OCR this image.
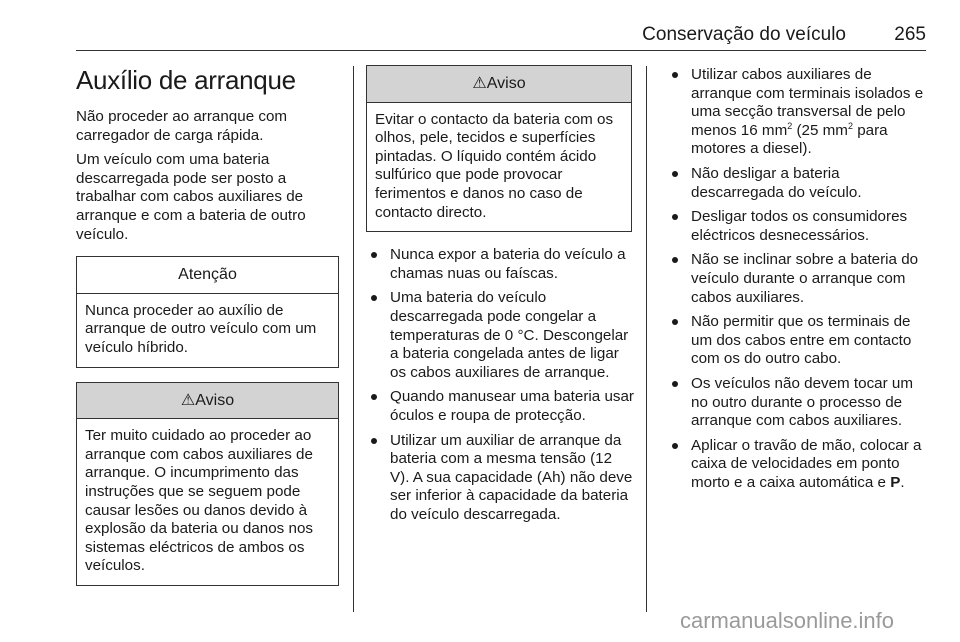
Conservação do veículo	265
Auxílio de arranque

Não proceder ao arranque com carregador de carga rápida.

Um veículo com uma bateria descarregada pode ser posto a trabalhar com cabos auxiliares de arranque e com a bateria de outro veículo.

Atenção
Nunca proceder ao auxílio de arranque de outro veículo com um veículo híbrido.
⚠Aviso
Ter muito cuidado ao proceder ao arranque com cabos auxiliares de arranque. O incumprimento das instruções que se seguem pode causar lesões ou danos devido à explosão da bateria ou danos nos sistemas eléctricos de ambos os veículos.
⚠Aviso
Evitar o contacto da bateria com os olhos, pele, tecidos e superfícies pintadas. O líquido contém ácido sulfúrico que pode provocar ferimentos e danos no caso de contacto directo.
Nunca expor a bateria do veículo a chamas nuas ou faíscas.
Uma bateria do veículo descarregada pode congelar a temperaturas de 0 °C. Descongelar a bateria congelada antes de ligar os cabos auxiliares de arranque.
Quando manusear uma bateria usar óculos e roupa de protecção.
Utilizar um auxiliar de arranque da bateria com a mesma tensão (12 V). A sua capacidade (Ah) não deve ser inferior à capacidade da bateria do veículo descarregada.
Utilizar cabos auxiliares de arranque com terminais isolados e uma secção transversal de pelo menos 16 $mm^2$ (25 $mm^2$ para motores a diesel).
Não desligar a bateria descarregada do veículo.
Desligar todos os consumidores eléctricos desnecessários.
Não se inclinar sobre a bateria do veículo durante o arranque com cabos auxiliares.
Não permitir que os terminais de um dos cabos entre em contacto com os do outro cabo.
Os veículos não devem tocar um no outro durante o processo de arranque com cabos auxiliares.
Aplicar o travão de mão, colocar a caixa de velocidades em ponto morto e a caixa automática e P.
carmanualsonline.info
